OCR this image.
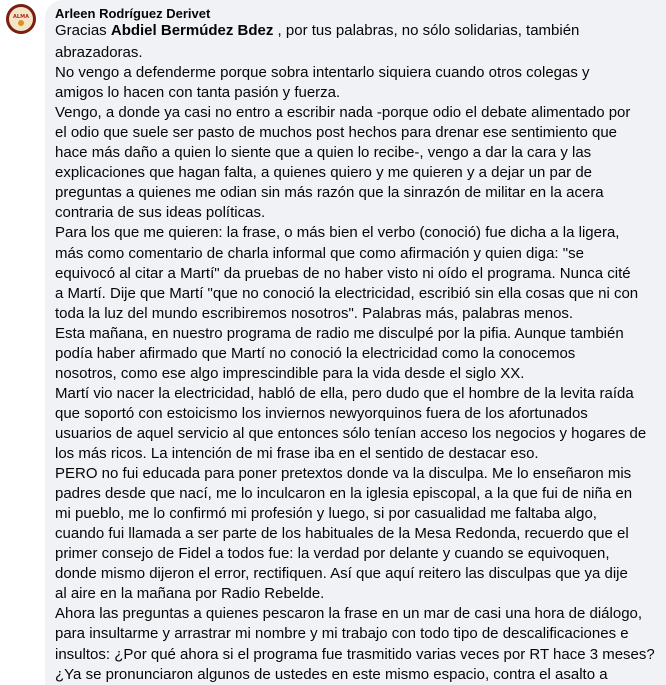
ALMA	Arleen Rodríguez Derivet
Gracias Abdiel Bermúdez Bdez , por tus palabras, no sólo solidarias, también
abrazadoras.
No vengo a defenderme porque sobra intentarlo siquiera cuando otros colegas y
amigos lo hacen con tanta pasión y fuerza.
Vengo, a donde ya casi no entro a escribir nada -porque odio el debate alimentado por
el odio que suele ser pasto de muchos post hechos para drenar ese sentimiento que
hace más daño a quien lo siente que a quien lo recibe-, vengo a dar la cara y las
explicaciones que hagan falta, a quienes quiero y me quieren y a dejar un par de
preguntas a quienes me odian sin más razón que la sinrazón de militar en la acera
contraria de sus ideas políticas.
Para los que me quieren: la frase, o más bien el verbo (conoció) fue dicha a la ligera,
más como comentario de charla informal que como afirmación y quien diga: "se
equivocó al citar a Martí" da pruebas de no haber visto ni oído el programa. Nunca cité
a Martí. Dije que Martí "que no conoció la electricidad, escribió sin ella cosas que ni con
toda la luz del mundo escribiremos nosotros". Palabras más, palabras menos.
Esta mañana, en nuestro programa de radio me disculpé por la pifia. Aunque también
podía haber afirmado que Martí no conoció la electricidad como la conocemos
nosotros, como ese algo imprescindible para la vida desde el siglo XX.
Martí vio nacer la electricidad, habló de ella, pero dudo que el hombre de la levita raída
que soportó con estoicismo los inviernos newyorquinos fuera de los afortunados
usuarios de aquel servicio al que entonces sólo tenían acceso los negocios y hogares de
los más ricos. La intención de mi frase iba en el sentido de destacar eso.
PERO no fui educada para poner pretextos donde va la disculpa. Me lo enseñaron mis
padres desde que nací, me lo inculcaron en la iglesia episcopal, a la que fui de niña en
mi pueblo, me lo confirmó mi profesión y luego, si por casualidad me faltaba algo,
cuando fui llamada a ser parte de los habituales de la Mesa Redonda, recuerdo que el
primer consejo de Fidel a todos fue: la verdad por delante y cuando se equivoquen,
donde mismo dijeron el error, rectifiquen. Así que aquí reitero las disculpas que ya dije
al aire en la mañana por Radio Rebelde.
Ahora las preguntas a quienes pescaron la frase en un mar de casi una hora de diálogo,
para insultarme y arrastrar mi nombre y mi trabajo con todo tipo de descalificaciones e
insultos: ¿Por qué ahora si el programa fue trasmitido varias veces por RT hace 3 meses?
¿Ya se pronunciaron algunos de ustedes en este mismo espacio, contra el asalto a
